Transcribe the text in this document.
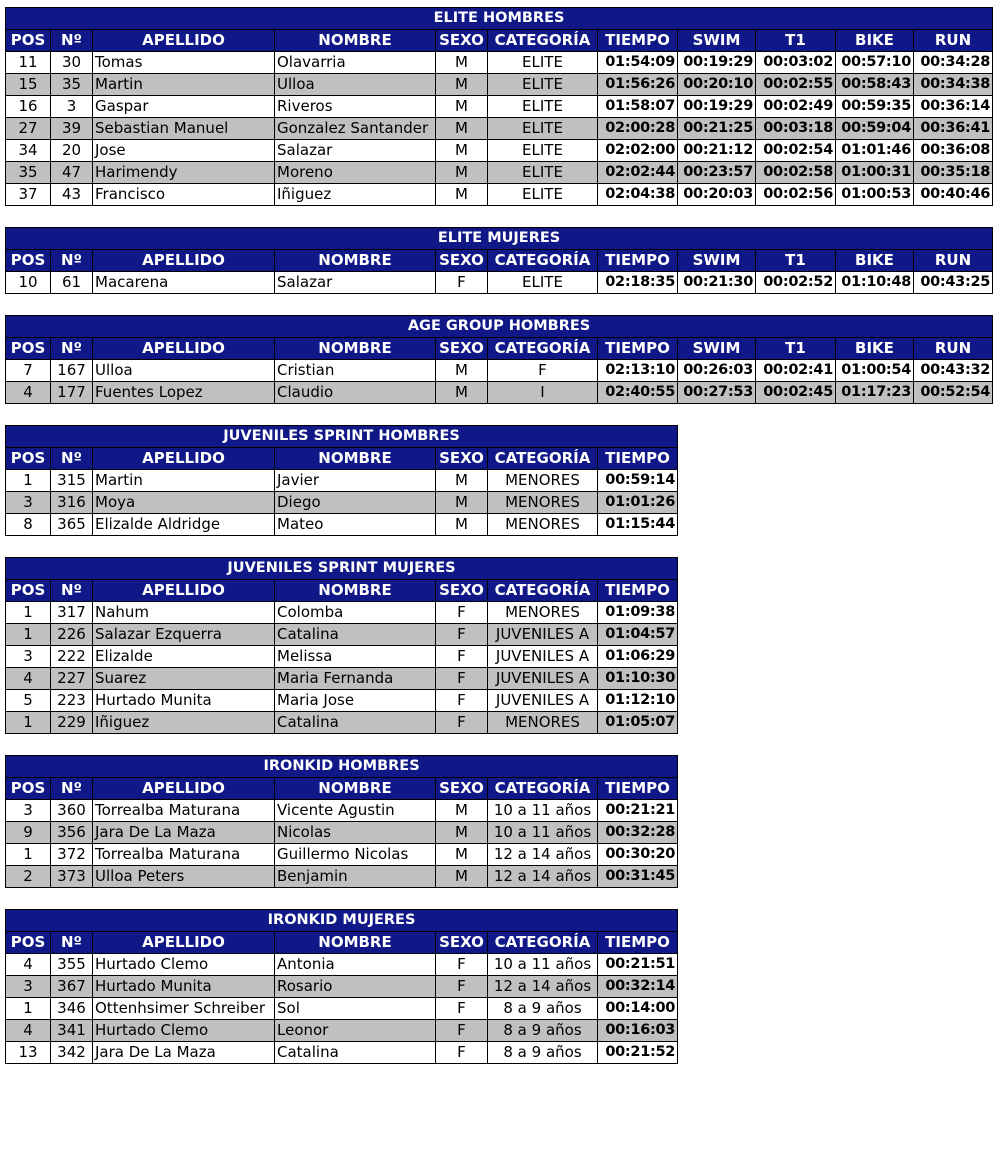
ELITE HOMBRES										
POS	Nº	APELLIDO	NOMBRE	SEXO	CATEGORÍA	TIEMPO	SWIM	T1	BIKE	RUN
11	30	Tomas	Olavarria	M	ELITE	01:54:09	00:19:29	00:03:02	00:57:10	00:34:28
15	35	Martin	Ulloa	M	ELITE	01:56:26	00:20:10	00:02:55	00:58:43	00:34:38
16	3	Gaspar	Riveros	M	ELITE	01:58:07	00:19:29	00:02:49	00:59:35	00:36:14
27	39	Sebastian Manuel	Gonzalez Santander	M	ELITE	02:00:28	00:21:25	00:03:18	00:59:04	00:36:41
34	20	Jose	Salazar	M	ELITE	02:02:00	00:21:12	00:02:54	01:01:46	00:36:08
35	47	Harimendy	Moreno	M	ELITE	02:02:44	00:23:57	00:02:58	01:00:31	00:35:18
37	43	Francisco	Iñiguez	M	ELITE	02:04:38	00:20:03	00:02:56	01:00:53	00:40:46
ELITE MUJERES										
POS	Nº	APELLIDO	NOMBRE	SEXO	CATEGORÍA	TIEMPO	SWIM	T1	BIKE	RUN
10	61	Macarena	Salazar	F	ELITE	02:18:35	00:21:30	00:02:52	01:10:48	00:43:25
AGE GROUP HOMBRES										
POS	Nº	APELLIDO	NOMBRE	SEXO	CATEGORÍA	TIEMPO	SWIM	T1	BIKE	RUN
7	167	Ulloa	Cristian	M	F	02:13:10	00:26:03	00:02:41	01:00:54	00:43:32
4	177	Fuentes Lopez	Claudio	M	I	02:40:55	00:27:53	00:02:45	01:17:23	00:52:54
JUVENILES SPRINT HOMBRES						
POS	Nº	APELLIDO	NOMBRE	SEXO	CATEGORÍA	TIEMPO
1	315	Martin	Javier	M	MENORES	00:59:14
3	316	Moya	Diego	M	MENORES	01:01:26
8	365	Elizalde Aldridge	Mateo	M	MENORES	01:15:44
JUVENILES SPRINT MUJERES						
POS	Nº	APELLIDO	NOMBRE	SEXO	CATEGORÍA	TIEMPO
1	317	Nahum	Colomba	F	MENORES	01:09:38
1	226	Salazar Ezquerra	Catalina	F	JUVENILES A	01:04:57
3	222	Elizalde	Melissa	F	JUVENILES A	01:06:29
4	227	Suarez	Maria Fernanda	F	JUVENILES A	01:10:30
5	223	Hurtado Munita	Maria Jose	F	JUVENILES A	01:12:10
1	229	Iñiguez	Catalina	F	MENORES	01:05:07
IRONKID HOMBRES						
POS	Nº	APELLIDO	NOMBRE	SEXO	CATEGORÍA	TIEMPO
3	360	Torrealba Maturana	Vicente Agustin	M	10 a 11 años	00:21:21
9	356	Jara De La Maza	Nicolas	M	10 a 11 años	00:32:28
1	372	Torrealba Maturana	Guillermo Nicolas	M	12 a 14 años	00:30:20
2	373	Ulloa Peters	Benjamin	M	12 a 14 años	00:31:45
IRONKID MUJERES						
POS	Nº	APELLIDO	NOMBRE	SEXO	CATEGORÍA	TIEMPO
4	355	Hurtado Clemo	Antonia	F	10 a 11 años	00:21:51
3	367	Hurtado Munita	Rosario	F	12 a 14 años	00:32:14
1	346	Ottenhsimer Schreiber	Sol	F	8 a 9 años	00:14:00
4	341	Hurtado Clemo	Leonor	F	8 a 9 años	00:16:03
13	342	Jara De La Maza	Catalina	F	8 a 9 años	00:21:52
